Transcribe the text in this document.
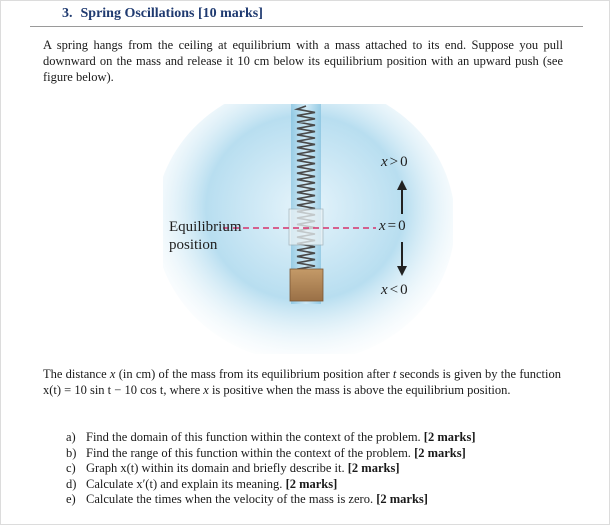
3. Spring Oscillations [10 marks]

A spring hangs from the ceiling at equilibrium with a mass attached to its end. Suppose you pull downward on the mass and release it 10 cm below its equilibrium position with an upward push (see figure below).

Equilibrium
position
x > 0
x = 0
x < 0

The distance x (in cm) of the mass from its equilibrium position after t seconds is given by the function x(t) = 10 sin t − 10 cos t, where x is positive when the mass is above the equilibrium position.

a) Find the domain of this function within the context of the problem. [2 marks]
b) Find the range of this function within the context of the problem. [2 marks]
c) Graph x(t) within its domain and briefly describe it. [2 marks]
d) Calculate x′(t) and explain its meaning. [2 marks]
e) Calculate the times when the velocity of the mass is zero. [2 marks]
